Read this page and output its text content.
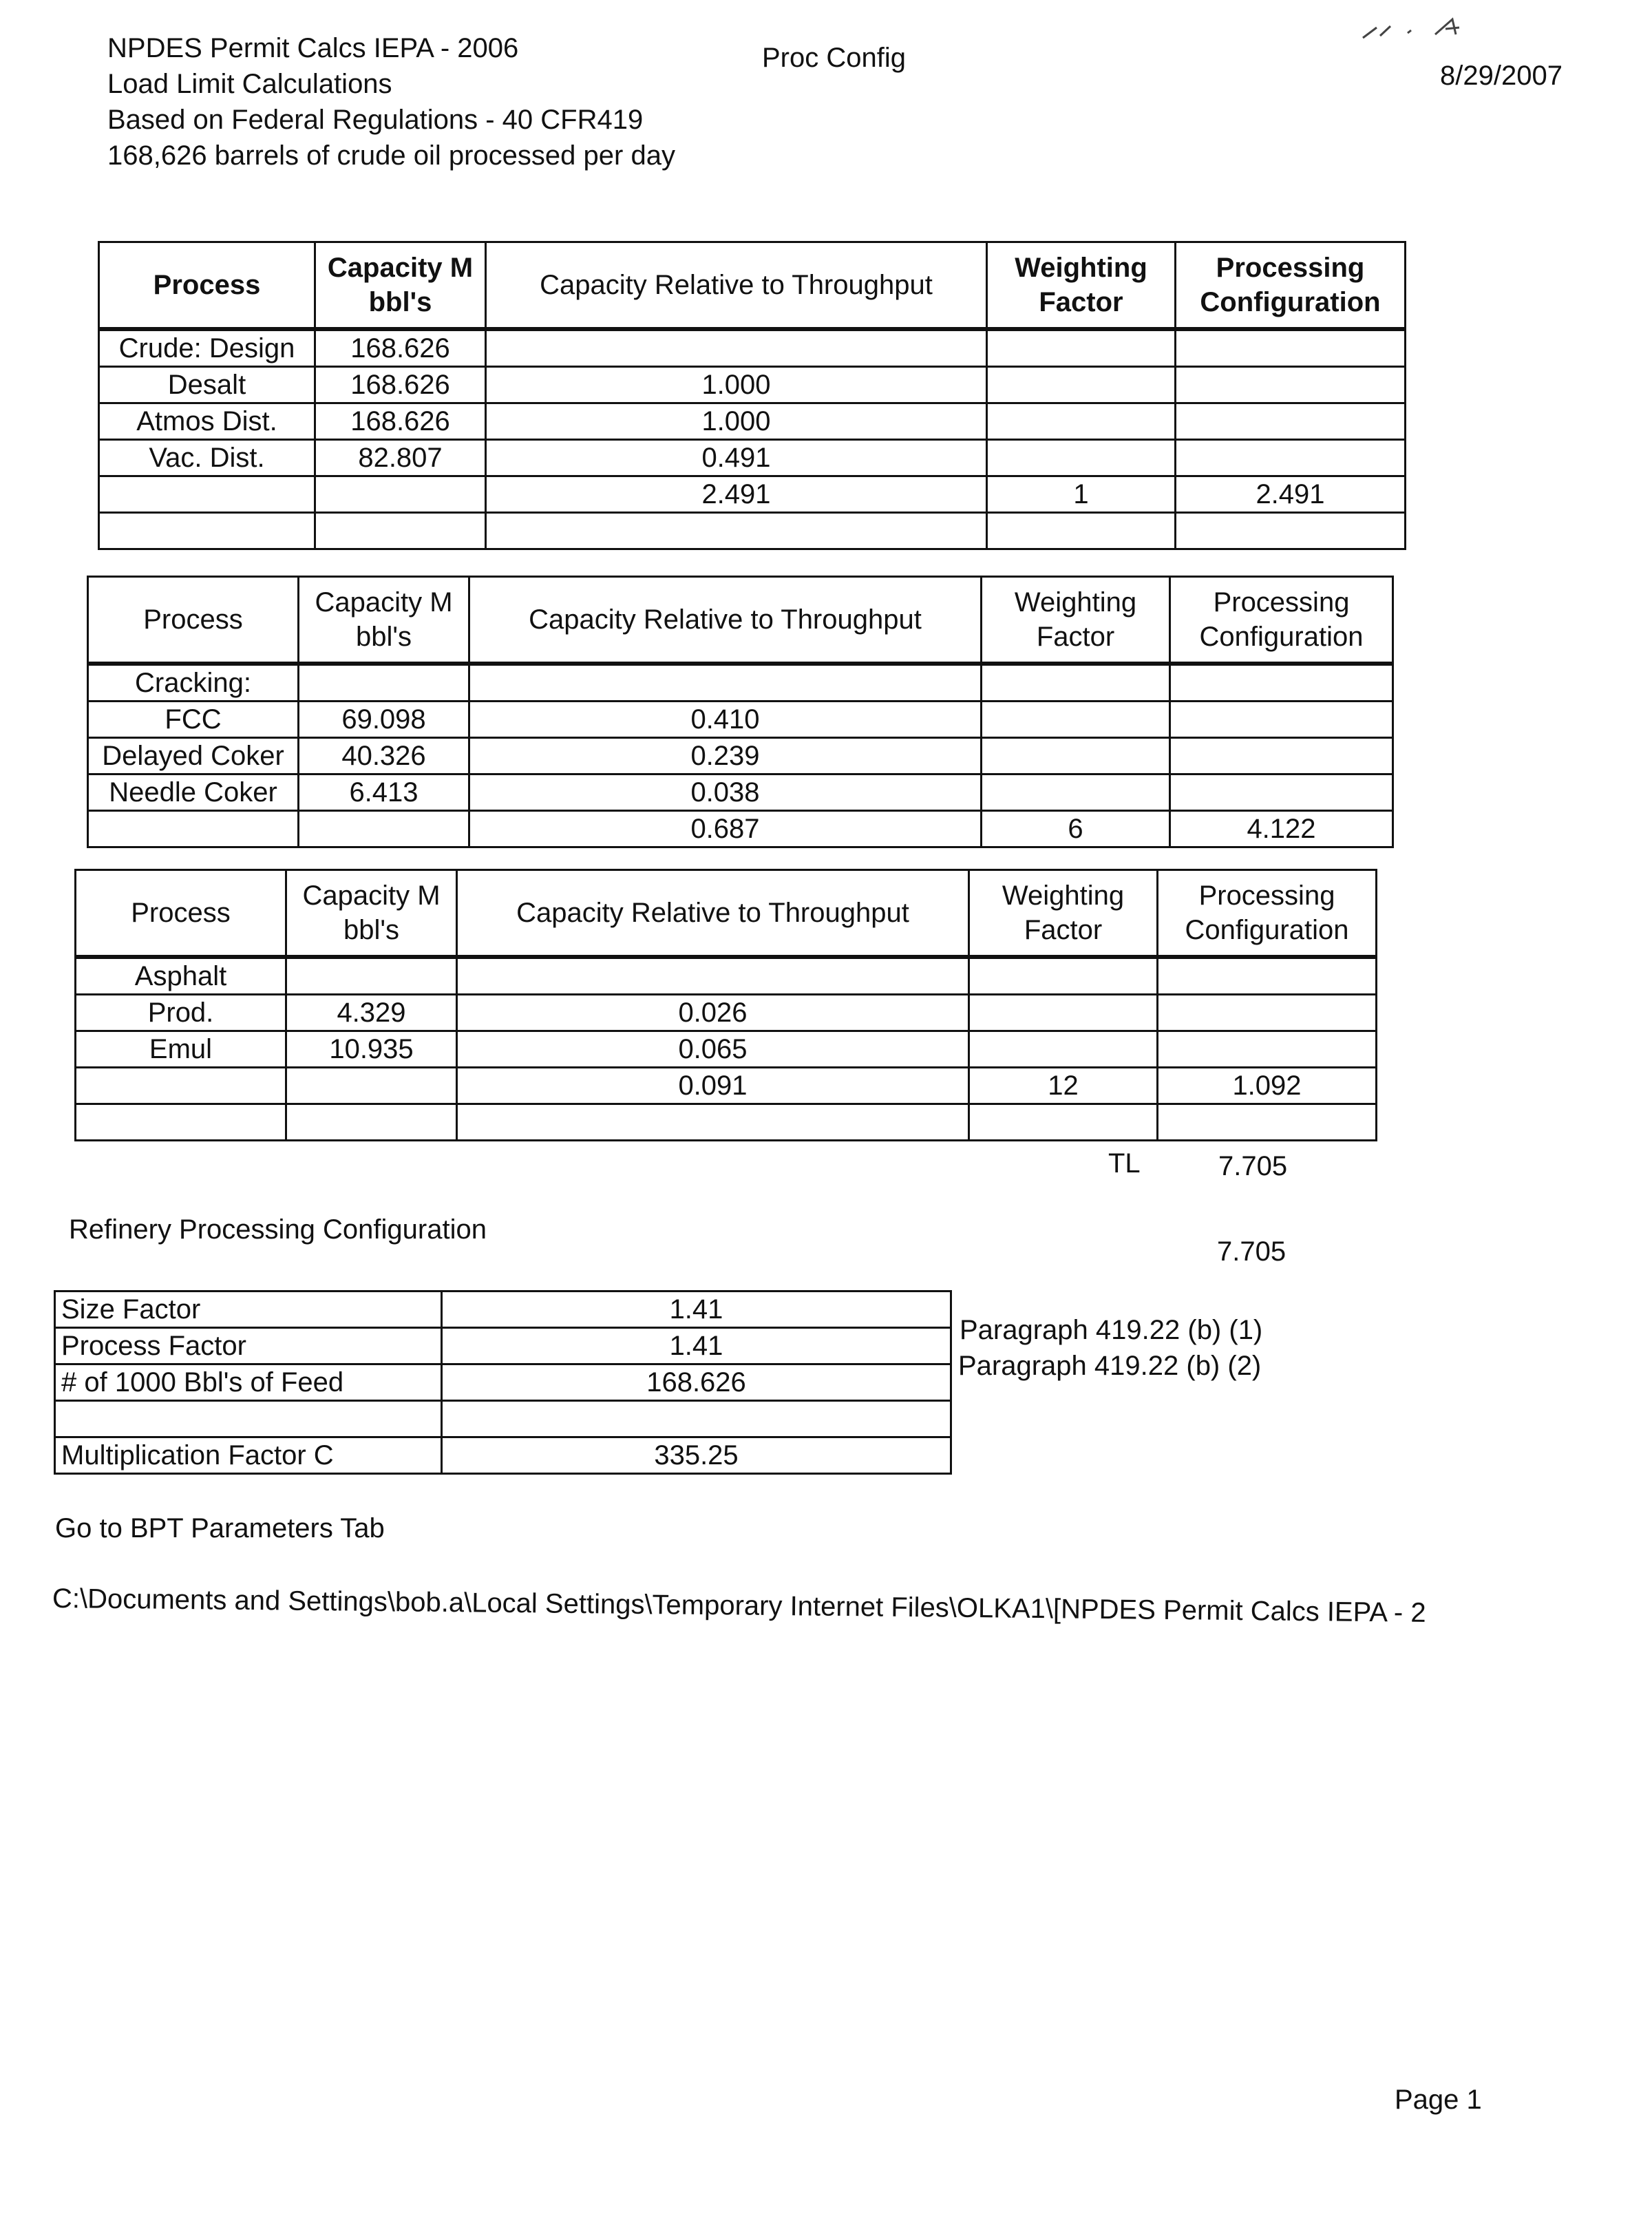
NPDES Permit Calcs IEPA - 2006
Load Limit Calculations
Based on Federal Regulations - 40 CFR419
168,626 barrels of crude oil processed per day
Proc Config
8/29/2007
Process	Capacity M bbl's	Capacity Relative to Throughput	Weighting Factor	Processing Configuration
Crude: Design	168.626			
Desalt	168.626	1.000		
Atmos Dist.	168.626	1.000		
Vac. Dist.	82.807	0.491		
		2.491	1	2.491

Process	Capacity M bbl's	Capacity Relative to Throughput	Weighting Factor	Processing Configuration
Cracking:				
FCC	69.098	0.410		
Delayed Coker	40.326	0.239		
Needle Coker	6.413	0.038		
		0.687	6	4.122
Process	Capacity M bbl's	Capacity Relative to Throughput	Weighting Factor	Processing Configuration
Asphalt				
Prod.	4.329	0.026		
Emul	10.935	0.065		
		0.091	12	1.092

TL	7.705
Refinery Processing Configuration
7.705
Size Factor	1.41
Process Factor	1.41
# of 1000 Bbl's of Feed	168.626

Multiplication Factor C	335.25
Paragraph 419.22 (b) (1)
Paragraph 419.22 (b) (2)
Go to BPT Parameters Tab
C:\Documents and Settings\bob.a\Local Settings\Temporary Internet Files\OLKA1\[NPDES Permit Calcs IEPA - 2
Page 1
